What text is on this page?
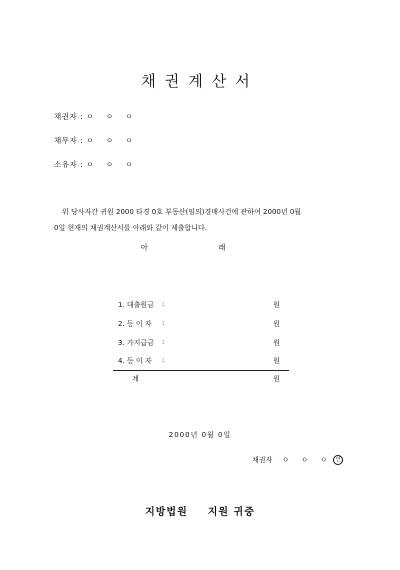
채권계산서
채권자 : ㅇ ㅇ ㅇ
채무자 : ㅇ ㅇ ㅇ
소유자 : ㅇ ㅇ ㅇ

위 당사자간 귀원 2000 타경 0호 부동산(임의)경매사건에 관하여 2000년 0월

0일 현재의 채권계산서를 아래와 같이 제출합니다.
아 래
1. 대출원금 :	원
2. 등 이 자 :	원
3. 가지급금 :	원
4. 등 이 자 :	원
계	원
2000년 0월 0일
채권자 ㅇ ㅇ ㅇ 인
지방법원 지원 귀중
